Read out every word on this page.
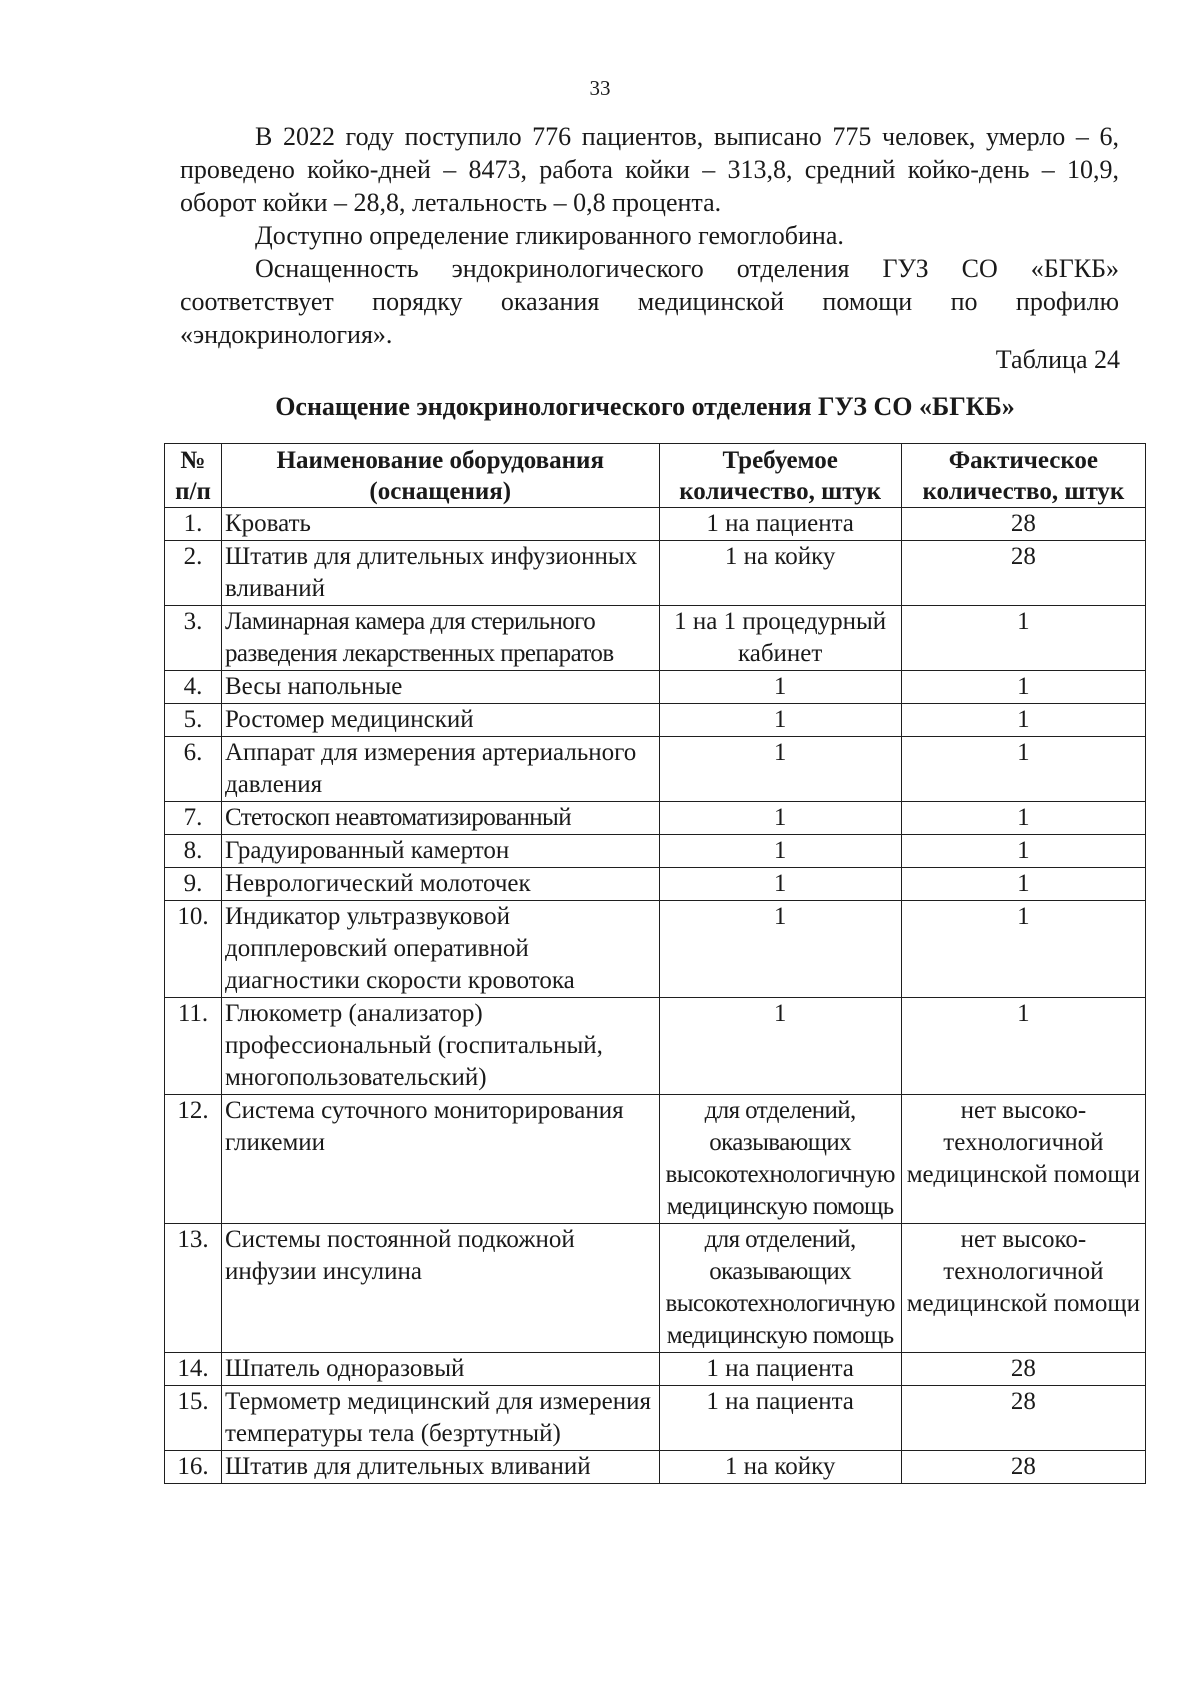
33

В 2022 году поступило 776 пациентов, выписано 775 человек, умерло – 6, проведено койко-дней – 8473, работа койки – 313,8, средний койко-день – 10,9, оборот койки – 28,8, летальность – 0,8 процента.

Доступно определение гликированного гемоглобина.

Оснащенность эндокринологического отделения ГУЗ СО «БГКБ» соответствует порядку оказания медицинской помощи по профилю «эндокринология».

Таблица 24
Оснащение эндокринологического отделения ГУЗ СО «БГКБ»
№ п/п	Наименование оборудования (оснащения)	Требуемое количество, штук	Фактическое количество, штук
1.	Кровать	1 на пациента	28
2.	Штатив для длительных инфузионных вливаний	1 на койку	28
3.	Ламинарная камера для стерильного разведения лекарственных препаратов	1 на 1 процедурный кабинет	1
4.	Весы напольные	1	1
5.	Ростомер медицинский	1	1
6.	Аппарат для измерения артериального давления	1	1
7.	Стетоскоп неавтоматизированный	1	1
8.	Градуированный камертон	1	1
9.	Неврологический молоточек	1	1
10.	Индикатор ультразвуковой допплеровский оперативной диагностики скорости кровотока	1	1
11.	Глюкометр (анализатор) профессиональный (госпитальный, многопользовательский)	1	1
12.	Система суточного мониторирования гликемии	для отделений, оказывающих высокотехнологичную медицинскую помощь	нет высоко-технологичной медицинской помощи
13.	Системы постоянной подкожной инфузии инсулина	для отделений, оказывающих высокотехнологичную медицинскую помощь	нет высоко-технологичной медицинской помощи
14.	Шпатель одноразовый	1 на пациента	28
15.	Термометр медицинский для измерения температуры тела (безртутный)	1 на пациента	28
16.	Штатив для длительных вливаний	1 на койку	28
